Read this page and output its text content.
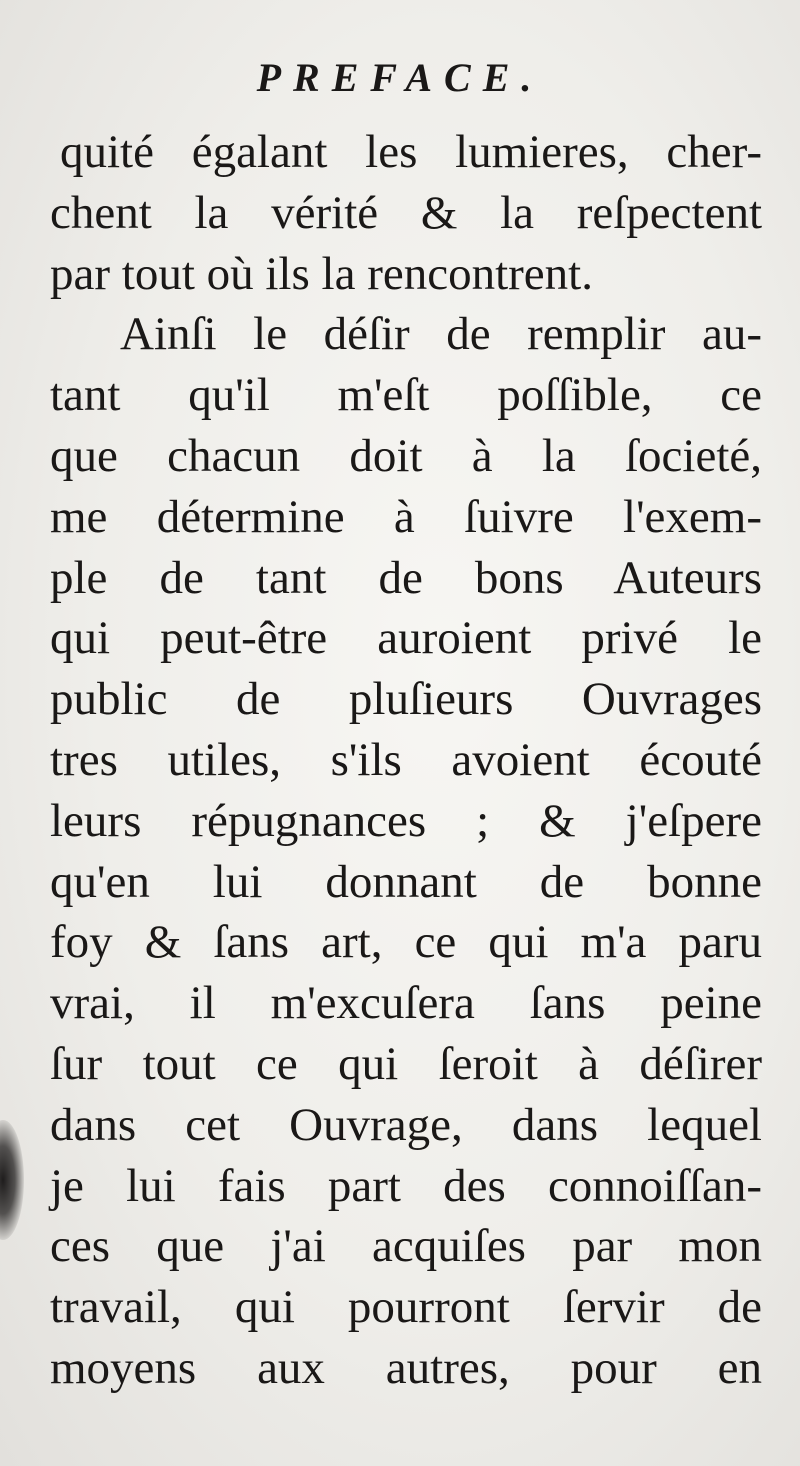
PREFACE.
quité égalant les lumieres, cher-
chent la vérité & la reſpectent
par tout où ils la rencontrent.
Ainſi le déſir de remplir au-
tant qu'il m'eſt poſſible, ce
que chacun doit à la ſocieté,
me détermine à ſuivre l'exem-
ple de tant de bons Auteurs
qui peut-être auroient privé le
public de pluſieurs Ouvrages
tres utiles, s'ils avoient écouté
leurs répugnances ; & j'eſpere
qu'en lui donnant de bonne
foy & ſans art, ce qui m'a paru
vrai, il m'excuſera ſans peine
ſur tout ce qui ſeroit à déſirer
dans cet Ouvrage, dans lequel
je lui fais part des connoiſſan-
ces que j'ai acquiſes par mon
travail, qui pourront ſervir de
moyens aux autres, pour en
